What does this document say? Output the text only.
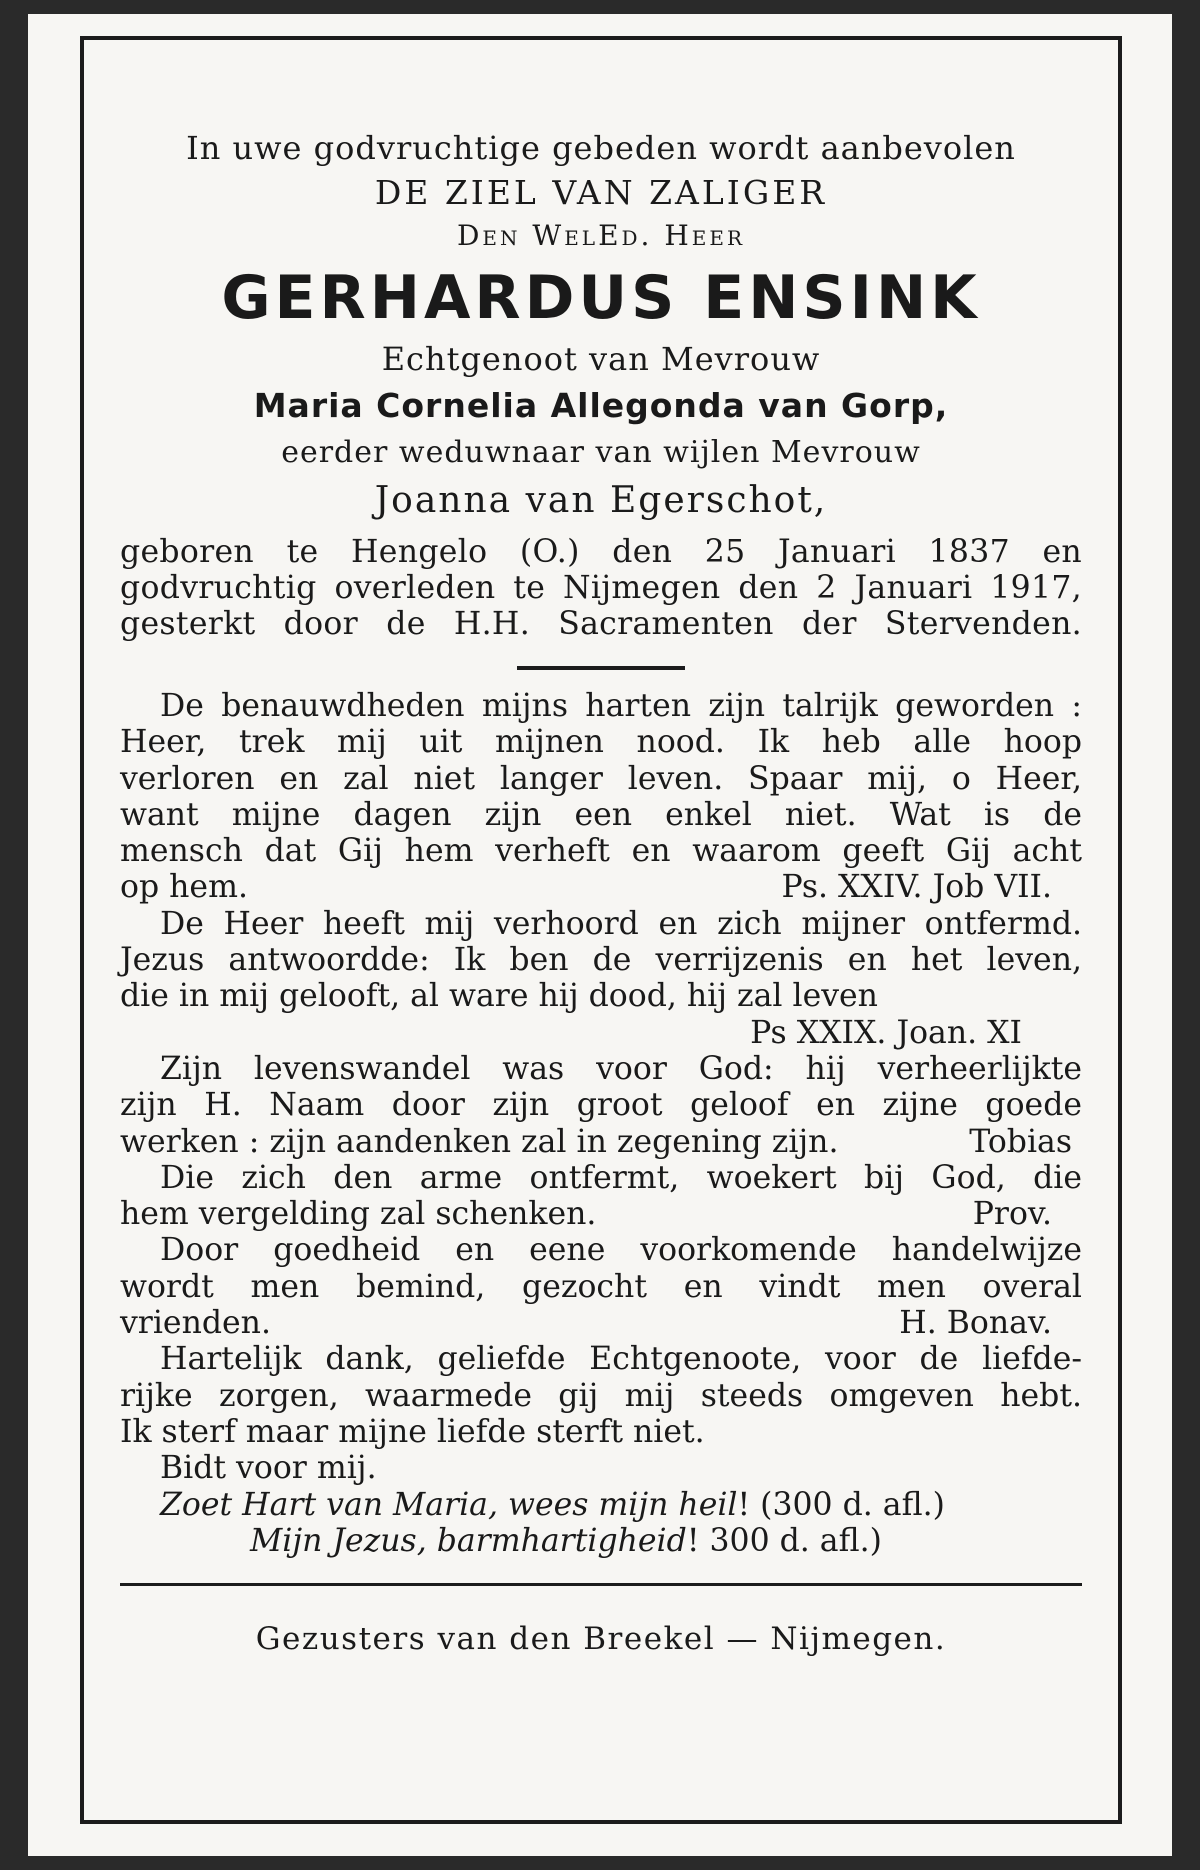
In uwe godvruchtige gebeden wordt aanbevolen

DE ZIEL VAN ZALIGER

Den WelEd. Heer

GERHARDUS ENSINK

Echtgenoot van Mevrouw

Maria Cornelia Allegonda van Gorp,

eerder weduwnaar van wijlen Mevrouw

Joanna van Egerschot,

geboren te Hengelo (O.) den 25 Januari 1837 en

godvruchtig overleden te Nijmegen den 2 Januari 1917,

gesterkt door de H.H. Sacramenten der Stervenden.

De benauwdheden mijns harten zijn talrijk geworden :

Heer, trek mij uit mijnen nood. Ik heb alle hoop

verloren en zal niet langer leven. Spaar mij, o Heer,

want mijne dagen zijn een enkel niet. Wat is de

mensch dat Gij hem verheft en waarom geeft Gij acht

op hem.	Ps. XXIV. Job VII.

De Heer heeft mij verhoord en zich mijner ontfermd.

Jezus antwoordde: Ik ben de verrijzenis en het leven,

die in mij gelooft, al ware hij dood, hij zal leven

Ps XXIX. Joan. XI

Zijn levenswandel was voor God: hij verheerlijkte

zijn H. Naam door zijn groot geloof en zijne goede

werken : zijn aandenken zal in zegening zijn.	Tobias

Die zich den arme ontfermt, woekert bij God, die

hem vergelding zal schenken.	Prov.

Door goedheid en eene voorkomende handelwijze

wordt men bemind, gezocht en vindt men overal

vrienden.	H. Bonav.

Hartelijk dank, geliefde Echtgenoote, voor de liefde-

rijke zorgen, waarmede gij mij steeds omgeven hebt.

Ik sterf maar mijne liefde sterft niet.

Bidt voor mij.

Zoet Hart van Maria, wees mijn heil! (300 d. afl.)

Mijn Jezus, barmhartigheid! 300 d. afl.)

Gezusters van den Breekel — Nijmegen.
